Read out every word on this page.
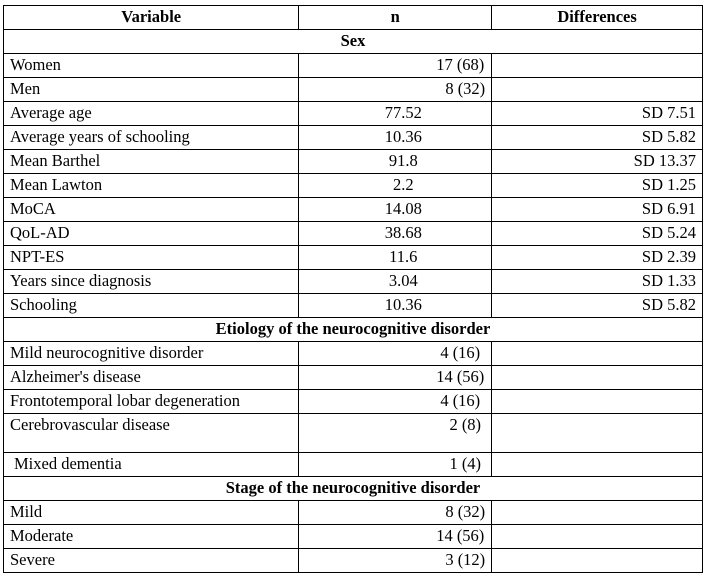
Variable	n	Differences
Sex		
Women	17 (68)	
Men	8 (32)	
Average age	77.52	SD 7.51
Average years of schooling	10.36	SD 5.82
Mean Barthel	91.8	SD 13.37
Mean Lawton	2.2	SD 1.25
MoCA	14.08	SD 6.91
QoL-AD	38.68	SD 5.24
NPT-ES	11.6	SD 2.39
Years since diagnosis	3.04	SD 1.33
Schooling	10.36	SD 5.82
Etiology of the neurocognitive disorder		
Mild neurocognitive disorder	4 (16)	
Alzheimer's disease	14 (56)	
Frontotemporal lobar degeneration	4 (16)	
Cerebrovascular disease	2 (8)	
Mixed dementia	1 (4)	
Stage of the neurocognitive disorder		
Mild	8 (32)	
Moderate	14 (56)	
Severe	3 (12)	
